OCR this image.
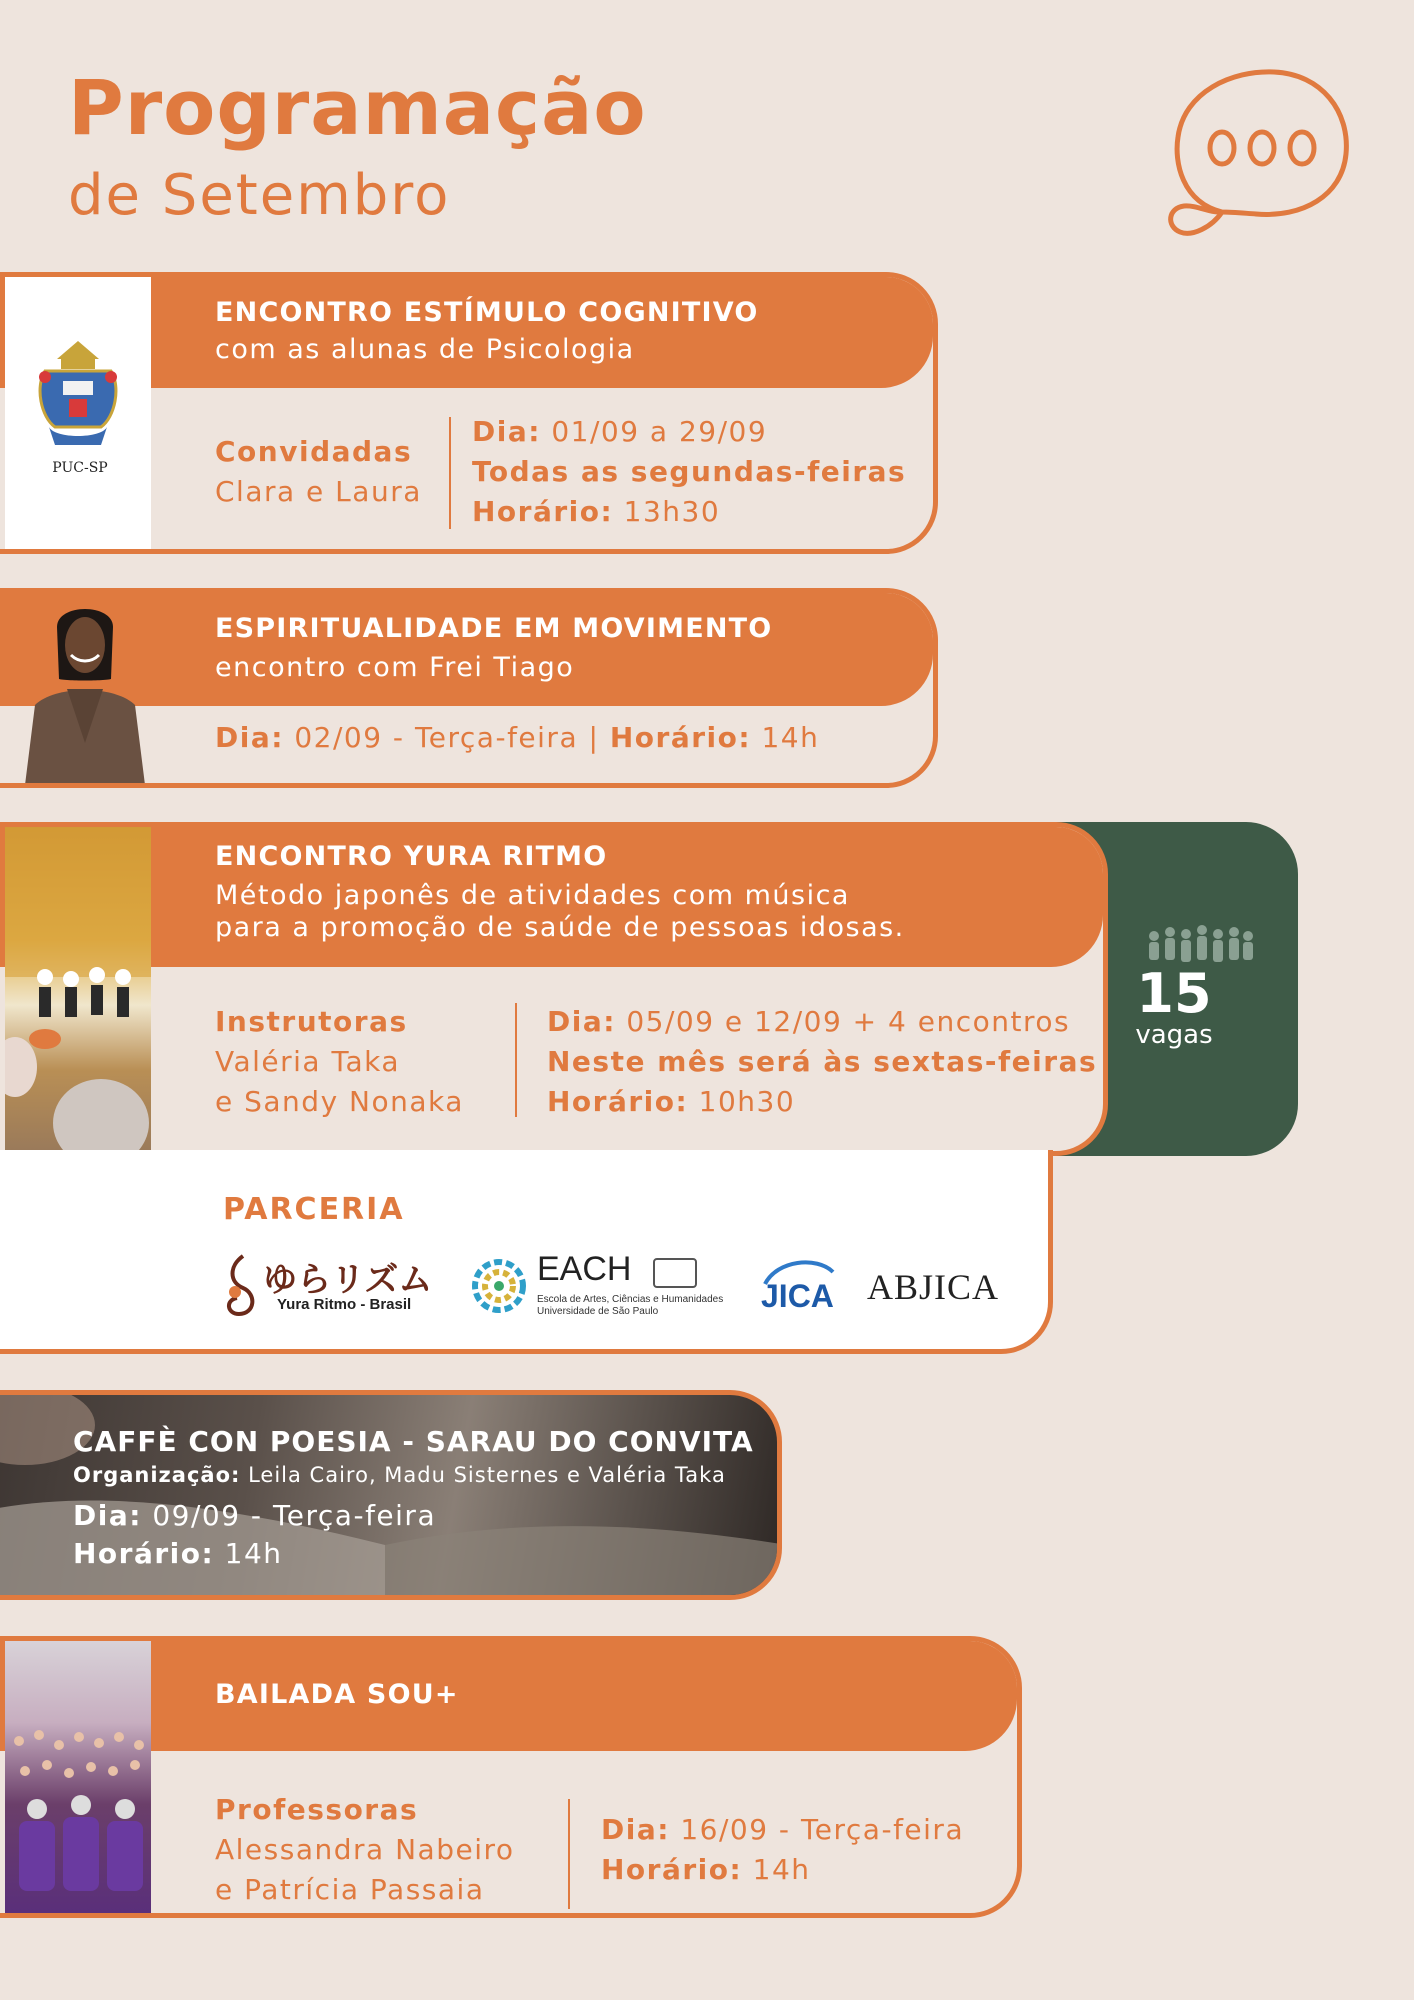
Programação
de Setembro
ENCONTRO ESTÍMULO COGNITIVO
com as alunas de Psicologia
PUC-SP	Convidadas
Clara e Laura
Dia: 01/09 a 29/09
Todas as segundas-feiras
Horário: 13h30
ESPIRITUALIDADE EM MOVIMENTO
encontro com Frei Tiago
Dia: 02/09 - Terça-feira | Horário: 14h
15
vagas
ENCONTRO YURA RITMO
Método japonês de atividades com música
para a promoção de saúde de pessoas idosas.
Instrutoras
Valéria Taka
e Sandy Nonaka
Dia: 05/09 e 12/09 + 4 encontros
Neste mês será às sextas-feiras
Horário: 10h30
PARCERIA
ゆらリズム
Yura Ritmo - Brasil
EACH
Escola de Artes, Ciências e Humanidades
Universidade de São Paulo	JICA ABJICA
CAFFÈ CON POESIA - SARAU DO CONVITA
Organização: Leila Cairo, Madu Sisternes e Valéria Taka
Dia: 09/09 - Terça-feira
Horário: 14h
BAILADA SOU+
Professoras
Alessandra Nabeiro
e Patrícia Passaia
Dia: 16/09 - Terça-feira
Horário: 14h
